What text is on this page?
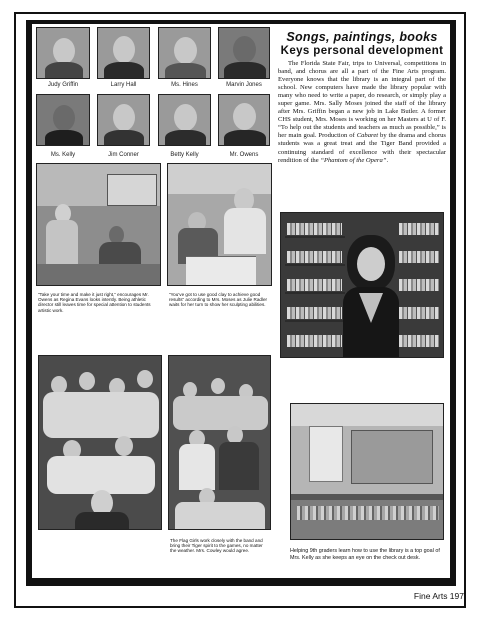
Judy Griffin	Larry Hall	Ms. Hines	Marvin Jones
Ms. Kelly	Jim Conner	Betty Kelly	Mr. Owens
Songs, paintings, books
Keys personal development
The Florida State Fair, trips to Universal, competitions in band, and chorus are all a part of the Fine Arts program. Everyone knows that the library is an integral part of the school. New computers have made the library popular with many who need to write a paper, do research, or simply play a super game. Mrs. Sally Moses joined the staff of the library after Mrs. Griffin began a new job in Lake Butler. A former CHS student, Mrs. Moses is working on her Masters at U of F. “To help out the students and teachers as much as possible,” is her main goal. Production of Cabaret by the drama and chorus students was a great treat and the Tiger Band provided a continuing standard of excellence with their spectacular rendition of the “Phantom of the Opera”.
“Take your time and make it just right,” encourages Mr. Owens as Regina Evans looks intently. Being athletic director still leaves time for special attention to students artistic work.
“You’ve got to use good clay to achieve good results” according to Mrs. Moses as Julie Radler waits for her turn to show her sculpting abilities.
The Flag Girls work closely with the band and bring their Tiger spirit to the games, no matter the weather. Mrs. Cowley would agree.	Helping 9th graders learn how to use the library is a top goal of Mrs. Kelly as she keeps an eye on the check out desk.
Fine Arts 197
